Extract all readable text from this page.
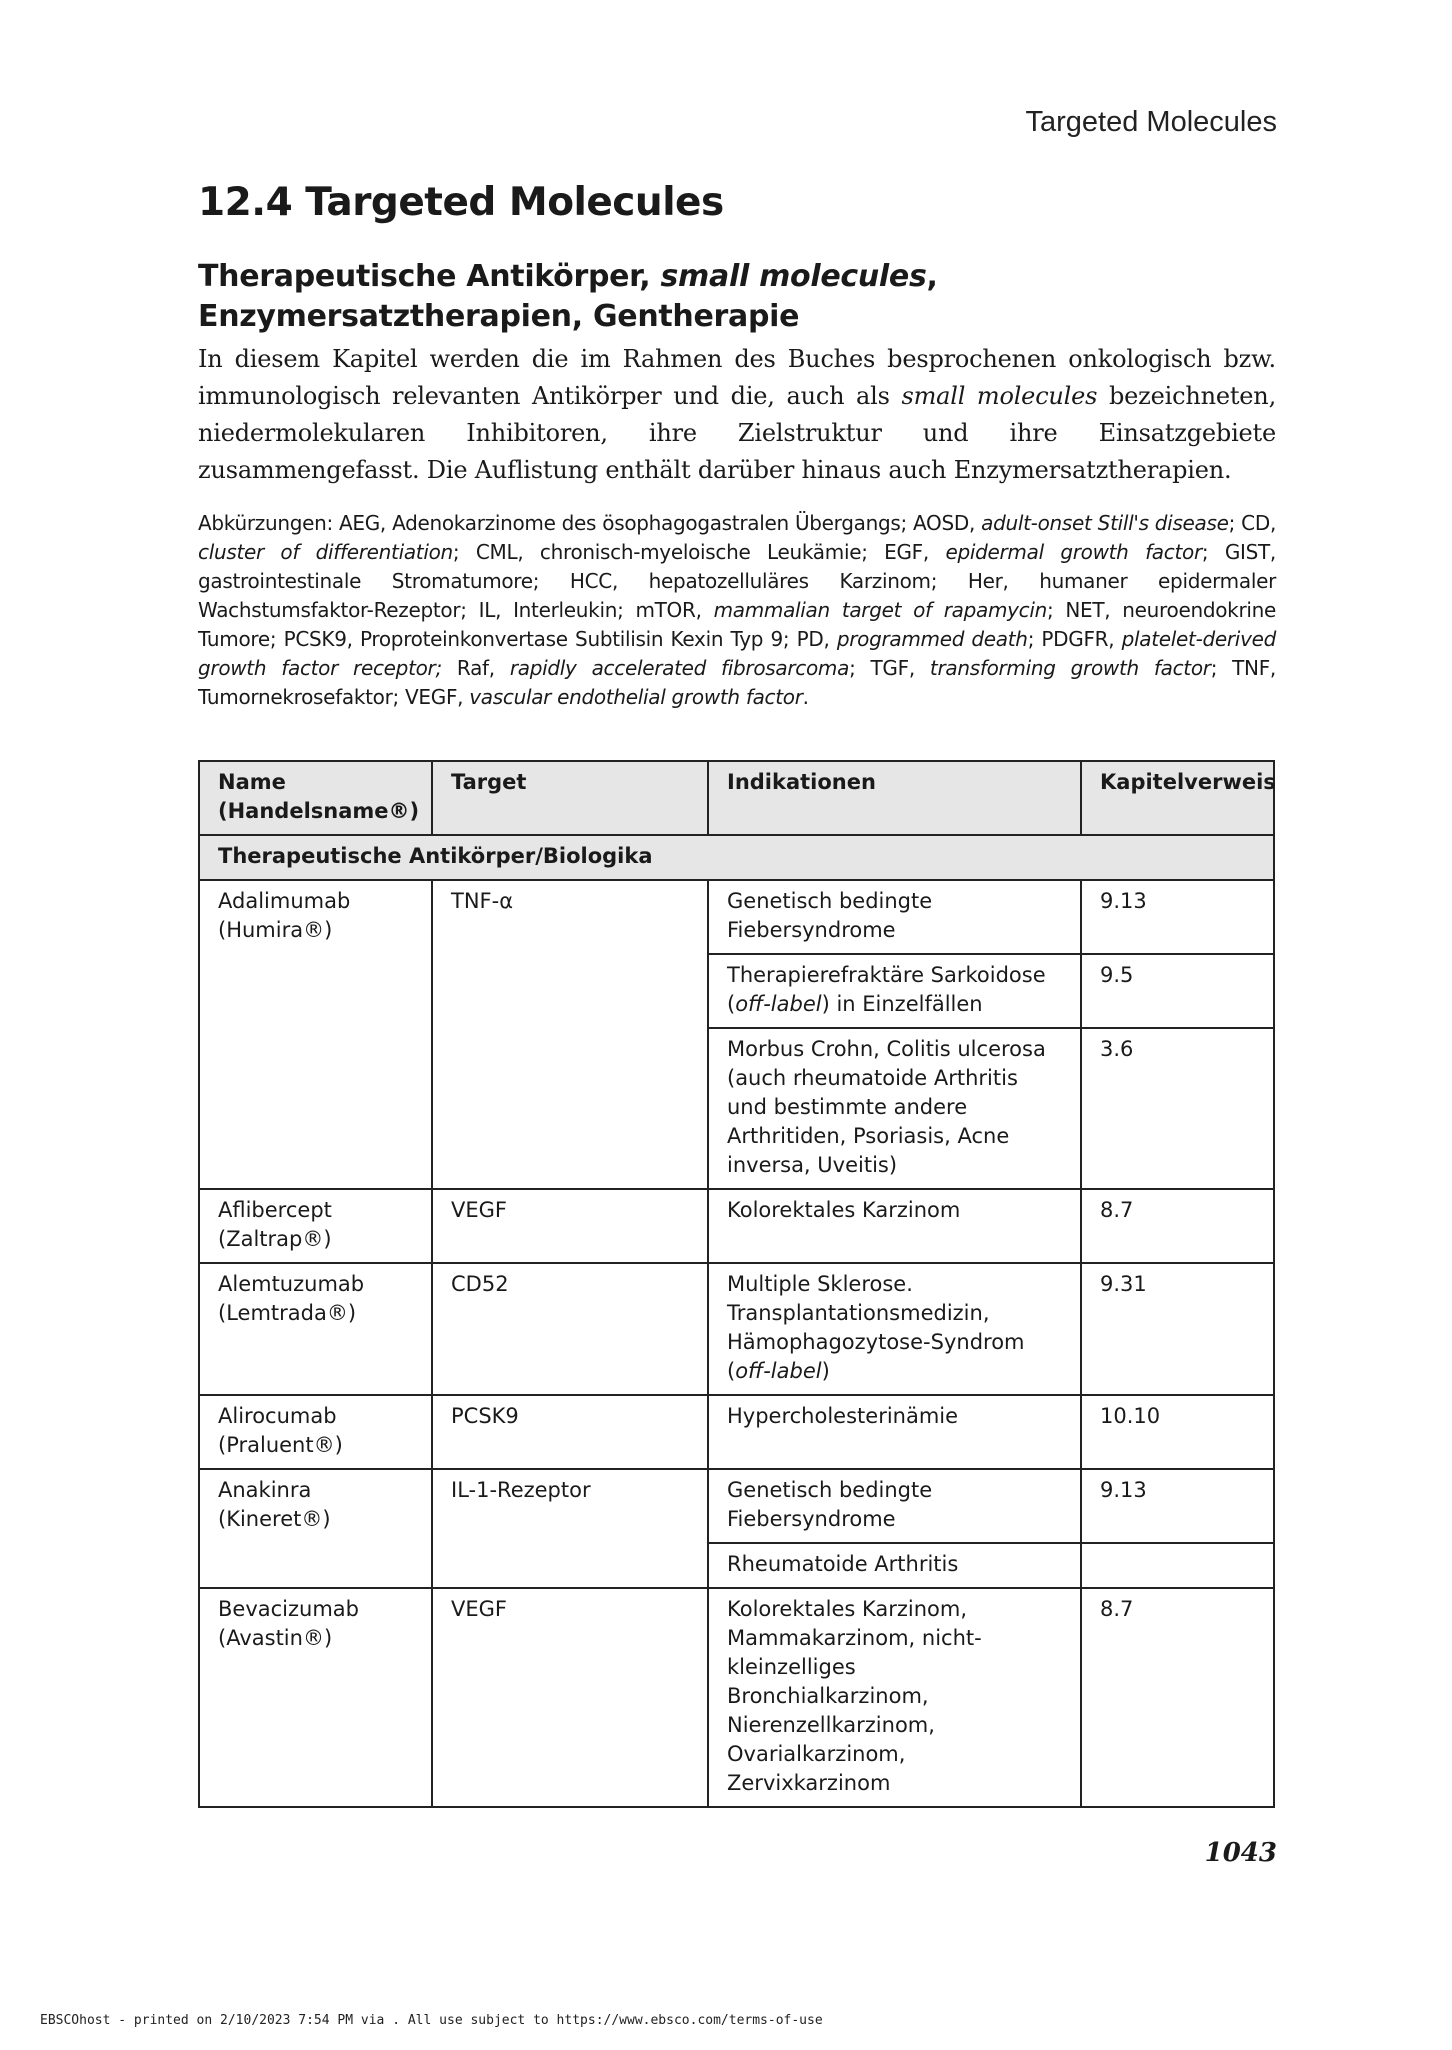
Targeted Molecules
12.4 Targeted Molecules
Therapeutische Antikörper, small molecules, Enzymersatztherapien, Gentherapie

In diesem Kapitel werden die im Rahmen des Buches besprochenen onkologisch bzw. immunologisch relevanten Antikörper und die, auch als small molecules bezeichneten, niedermolekularen Inhibitoren, ihre Zielstruktur und ihre Einsatzgebiete zusammengefasst. Die Auflistung enthält darüber hinaus auch Enzymersatztherapien.

Abkürzungen: AEG, Adenokarzinome des ösophagogastralen Übergangs; AOSD, adult-onset Still's disease; CD, cluster of differentiation; CML, chronisch-myeloische Leukämie; EGF, epidermal growth factor; GIST, gastrointestinale Stromatumore; HCC, hepatozelluläres Karzinom; Her, humaner epidermaler Wachstumsfaktor-Rezeptor; IL, Interleukin; mTOR, mammalian target of rapamycin; NET, neuroendokrine Tumore; PCSK9, Proproteinkonvertase Subtilisin Kexin Typ 9; PD, programmed death; PDGFR, platelet-derived growth factor receptor; Raf, rapidly accelerated fibrosarcoma; TGF, transforming growth factor; TNF, Tumornekrosefaktor; VEGF, vascular endothelial growth factor.

Name (Handelsname®)	Target	Indikationen	Kapitelverweis
Therapeutische Antikörper/Biologika			
Adalimumab (Humira®)	TNF-α	Genetisch bedingte Fiebersyndrome	9.13
		Therapierefraktäre Sarkoidose (off-label) in Einzelfällen	9.5
		Morbus Crohn, Colitis ulcerosa (auch rheumatoide Arthritis und bestimmte andere Arthritiden, Psoriasis, Acne inversa, Uveitis)	3.6
Aflibercept (Zaltrap®)	VEGF	Kolorektales Karzinom	8.7
Alemtuzumab (Lemtrada®)	CD52	Multiple Sklerose. Transplantationsmedizin, Hämophagozytose-Syndrom (off-label)	9.31
Alirocumab (Praluent®)	PCSK9	Hypercholesterinämie	10.10
Anakinra (Kineret®)	IL-1-Rezeptor	Genetisch bedingte Fiebersyndrome	9.13
		Rheumatoide Arthritis	
Bevacizumab (Avastin®)	VEGF	Kolorektales Karzinom, Mammakarzinom, nicht-kleinzelliges Bronchialkarzinom, Nierenzellkarzinom, Ovarialkarzinom, Zervixkarzinom	8.7
1043
EBSCOhost - printed on 2/10/2023 7:54 PM via . All use subject to https://www.ebsco.com/terms-of-use
